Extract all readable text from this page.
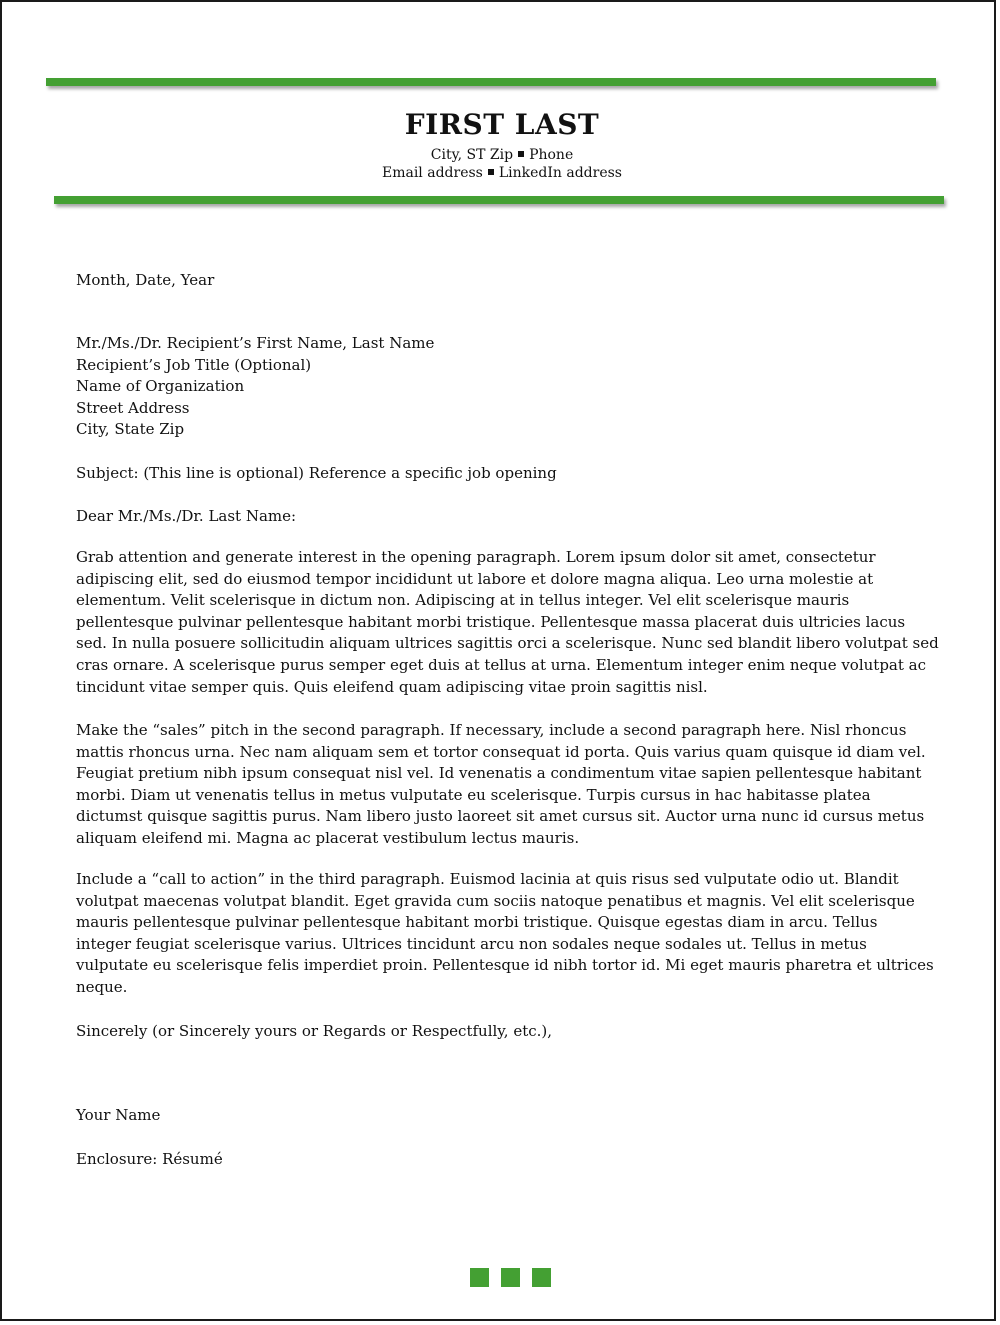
FIRST LAST
City, ST Zip Phone
Email address LinkedIn address
Month, Date, Year
Mr./Ms./Dr. Recipient’s First Name, Last Name
Recipient’s Job Title (Optional)
Name of Organization
Street Address
City, State Zip
Subject: (This line is optional) Reference a specific job opening
Dear Mr./Ms./Dr. Last Name:
Grab attention and generate interest in the opening paragraph. Lorem ipsum dolor sit amet, consectetur
adipiscing elit, sed do eiusmod tempor incididunt ut labore et dolore magna aliqua. Leo urna molestie at
elementum. Velit scelerisque in dictum non. Adipiscing at in tellus integer. Vel elit scelerisque mauris
pellentesque pulvinar pellentesque habitant morbi tristique. Pellentesque massa placerat duis ultricies lacus
sed. In nulla posuere sollicitudin aliquam ultrices sagittis orci a scelerisque. Nunc sed blandit libero volutpat sed
cras ornare. A scelerisque purus semper eget duis at tellus at urna. Elementum integer enim neque volutpat ac
tincidunt vitae semper quis. Quis eleifend quam adipiscing vitae proin sagittis nisl.
Make the “sales” pitch in the second paragraph. If necessary, include a second paragraph here. Nisl rhoncus
mattis rhoncus urna. Nec nam aliquam sem et tortor consequat id porta. Quis varius quam quisque id diam vel.
Feugiat pretium nibh ipsum consequat nisl vel. Id venenatis a condimentum vitae sapien pellentesque habitant
morbi. Diam ut venenatis tellus in metus vulputate eu scelerisque. Turpis cursus in hac habitasse platea
dictumst quisque sagittis purus. Nam libero justo laoreet sit amet cursus sit. Auctor urna nunc id cursus metus
aliquam eleifend mi. Magna ac placerat vestibulum lectus mauris.
Include a “call to action” in the third paragraph. Euismod lacinia at quis risus sed vulputate odio ut. Blandit
volutpat maecenas volutpat blandit. Eget gravida cum sociis natoque penatibus et magnis. Vel elit scelerisque
mauris pellentesque pulvinar pellentesque habitant morbi tristique. Quisque egestas diam in arcu. Tellus
integer feugiat scelerisque varius. Ultrices tincidunt arcu non sodales neque sodales ut. Tellus in metus
vulputate eu scelerisque felis imperdiet proin. Pellentesque id nibh tortor id. Mi eget mauris pharetra et ultrices
neque.
Sincerely (or Sincerely yours or Regards or Respectfully, etc.),
Your Name
Enclosure: Résumé
